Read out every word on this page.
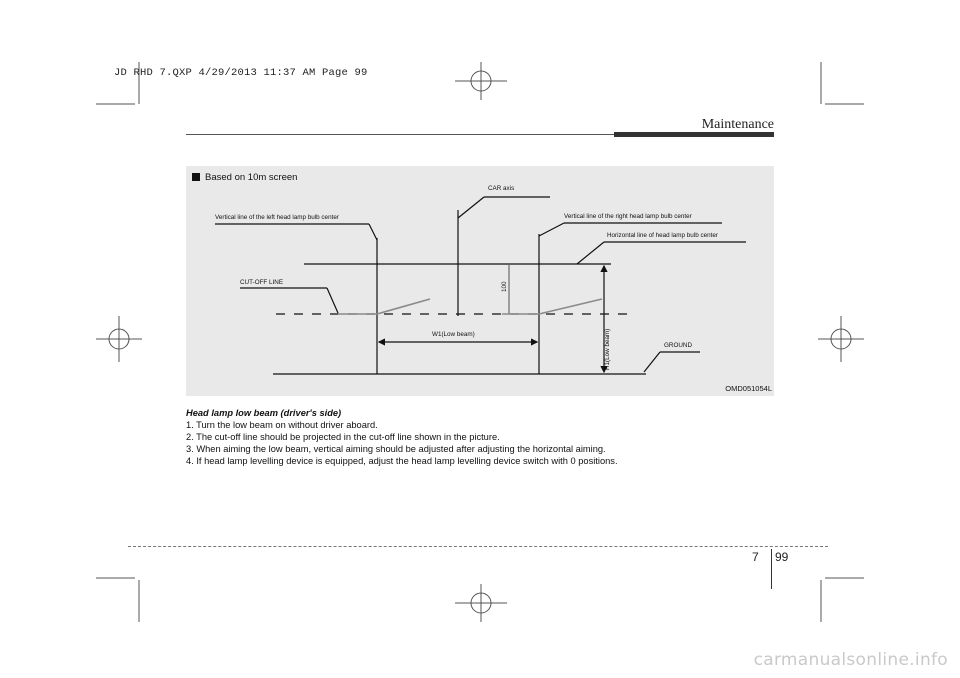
JD RHD 7.QXP 4/29/2013 11:37 AM Page 99
Maintenance
Based on 10m screen
CAR axis
Vertical line of the left head lamp bulb center	Vertical line of the right head lamp bulb center
Horizontal line of head lamp bulb center
CUT-OFF LINE	100
W1(Low beam)	H1(Low beam)	GROUND
OMD051054L

Head lamp low beam (driver's side)

1. Turn the low beam on without driver aboard.

2. The cut-off line should be projected in the cut-off line shown in the picture.

3. When aiming the low beam, vertical aiming should be adjusted after adjusting the horizontal aiming.

4. If head lamp levelling device is equipped, adjust the head lamp levelling device switch with 0 positions.

7 99
carmanualsonline.info
